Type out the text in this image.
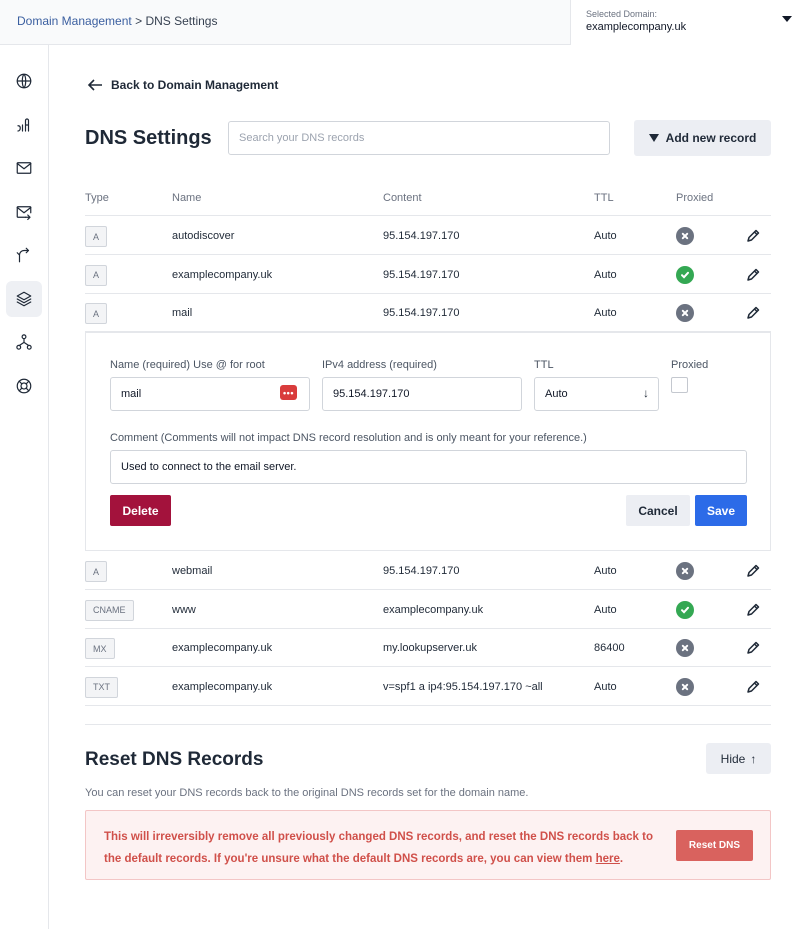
Domain Management > DNS Settings	Selected Domain:
examplecompany.uk
Back to Domain Management
DNS Settings
Search your DNS records	Add new record
Type	Name	Content	TTL	Proxied
A	autodiscover	95.154.197.170	Auto
A	examplecompany.uk	95.154.197.170	Auto
A	mail	95.154.197.170	Auto
Name (required) Use @ for root
mail
•••
IPv4 address (required)
95.154.197.170	TTL
Auto	↓
Proxied
Comment (Comments will not impact DNS record resolution and is only meant for your reference.)
Used to connect to the email server.
Delete	Cancel	Save
A	webmail	95.154.197.170	Auto
CNAME	www	examplecompany.uk	Auto
MX	examplecompany.uk	my.lookupserver.uk	86400
TXT	examplecompany.uk	v=spf1 a ip4:95.154.197.170 ~all	Auto
Reset DNS Records	Hide ↑
You can reset your DNS records back to the original DNS records set for the domain name.
This will irreversibly remove all previously changed DNS records, and reset the DNS records back to
the default records. If you're unsure what the default DNS records are, you can view them here.
Reset DNS
